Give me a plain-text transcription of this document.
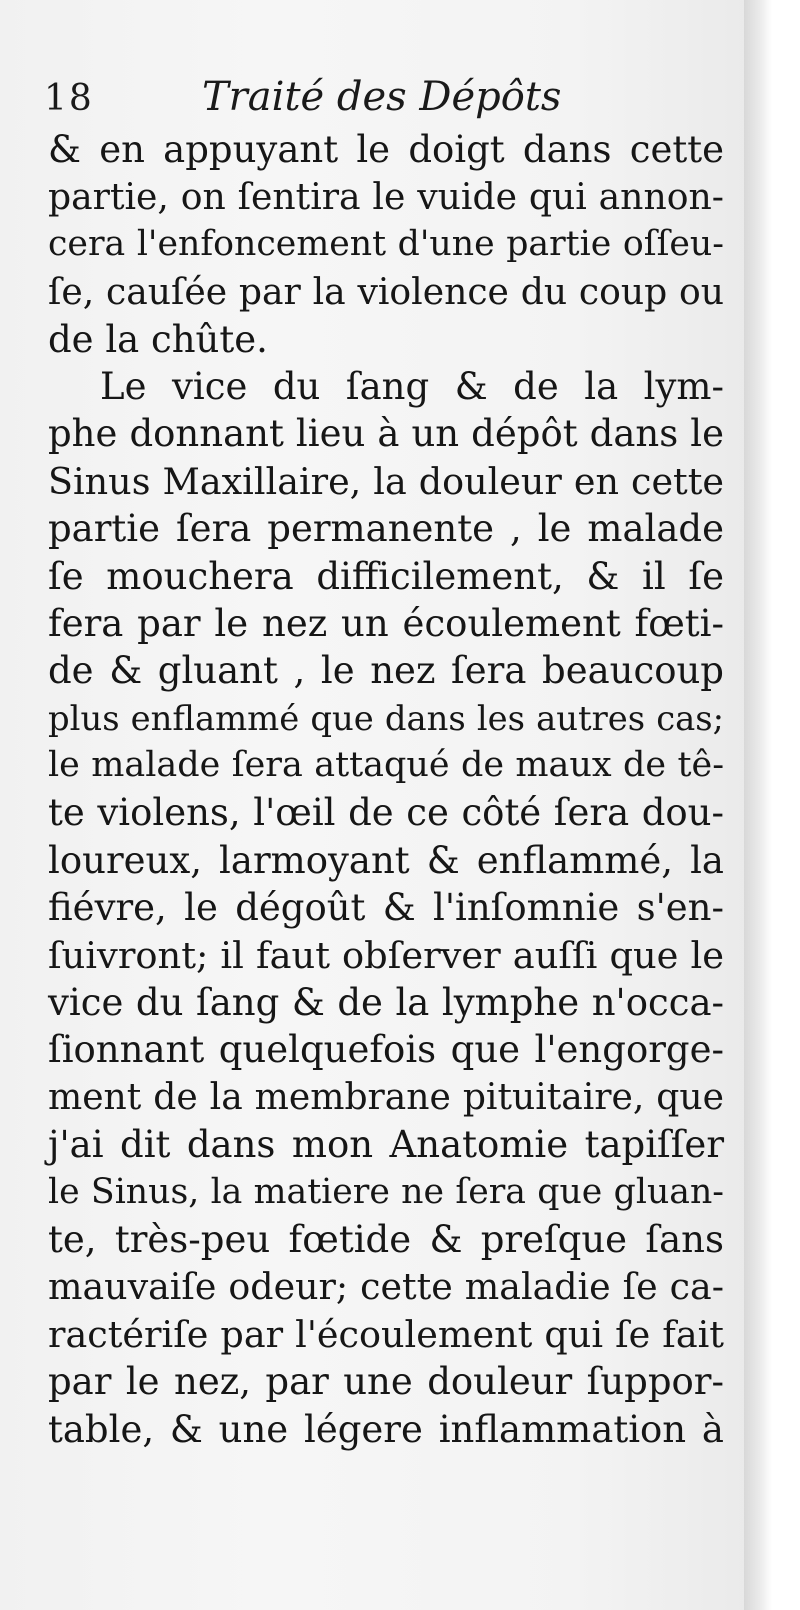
18	Traité des Dépôts
& en appuyant le doigt dans cette
partie, on ſentira le vuide qui annon-
cera l'enfoncement d'une partie oſſeu-
ſe, cauſée par la violence du coup ou
de la chûte.
Le vice du ſang & de la lym-
phe donnant lieu à un dépôt dans le
Sinus Maxillaire, la douleur en cette
partie ſera permanente , le malade
ſe mouchera difficilement, & il ſe
fera par le nez un écoulement fœti-
de & gluant , le nez ſera beaucoup
plus enflammé que dans les autres cas;
le malade ſera attaqué de maux de tê-
te violens, l'œil de ce côté ſera dou-
loureux, larmoyant & enflammé, la
fiévre, le dégoût & l'inſomnie s'en-
ſuivront; il faut obſerver auſſi que le
vice du ſang & de la lymphe n'occa-
ſionnant quelquefois que l'engorge-
ment de la membrane pituitaire, que
j'ai dit dans mon Anatomie tapiſſer
le Sinus, la matiere ne ſera que gluan-
te, très-peu fœtide & preſque ſans
mauvaiſe odeur; cette maladie ſe ca-
ractériſe par l'écoulement qui ſe fait
par le nez, par une douleur ſuppor-
table, & une légere inflammation à
